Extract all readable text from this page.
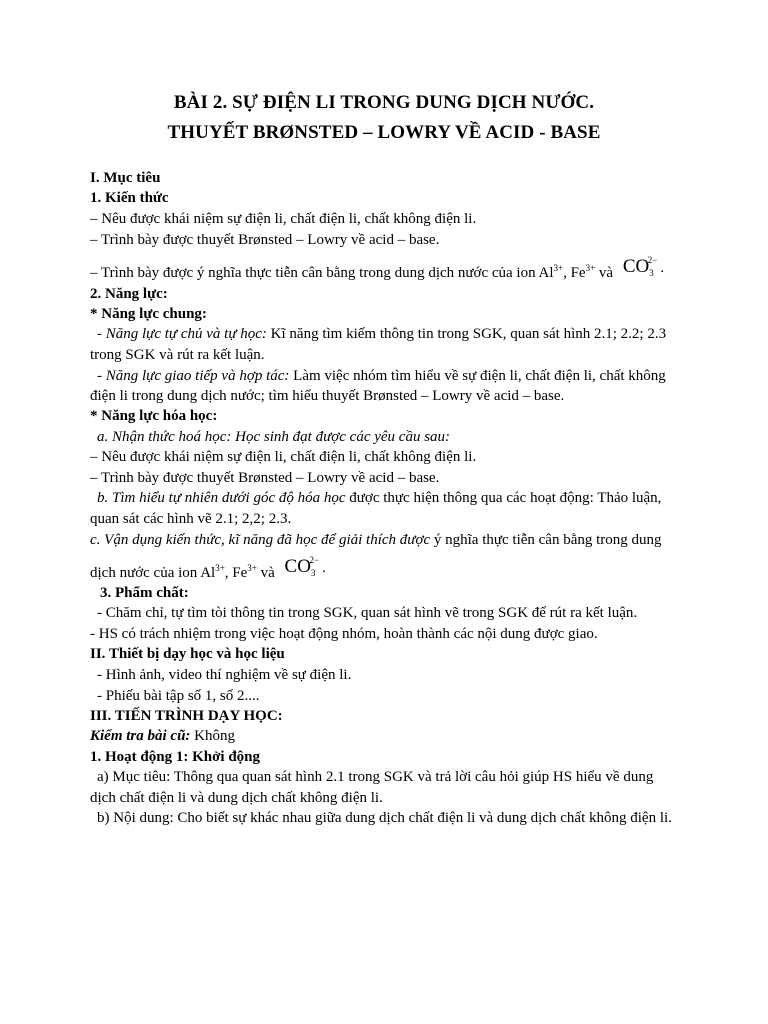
BÀI 2. SỰ ĐIỆN LI TRONG DUNG DỊCH NƯỚC.
THUYẾT BRØNSTED – LOWRY VỀ ACID - BASE
I. Mục tiêu
1. Kiến thức
– Nêu được khái niệm sự điện li, chất điện li, chất không điện li.
– Trình bày được thuyết Brønsted – Lowry về acid – base.
– Trình bày được ý nghĩa thực tiễn cân bằng trong dung dịch nước của ion $Al^{3+}$, $Fe^{3+}$ và $CO_3^{2-}$ .
2. Năng lực:
* Năng lực chung:
- Năng lực tự chủ và tự học: Kĩ năng tìm kiếm thông tin trong SGK, quan sát hình 2.1; 2.2; 2.3
trong SGK và rút ra kết luận.
- Năng lực giao tiếp và hợp tác: Làm việc nhóm tìm hiểu về sự điện li, chất điện li, chất không
điện li trong dung dịch nước; tìm hiểu thuyết Brønsted – Lowry về acid – base.
* Năng lực hóa học:
a. Nhận thức hoá học: Học sinh đạt được các yêu cầu sau:
– Nêu được khái niệm sự điện li, chất điện li, chất không điện li.
– Trình bày được thuyết Brønsted – Lowry về acid – base.
b. Tìm hiểu tự nhiên dưới góc độ hóa học được thực hiện thông qua các hoạt động: Thảo luận,
quan sát các hình vẽ 2.1; 2,2; 2.3.
c. Vận dụng kiến thức, kĩ năng đã học để giải thích được ý nghĩa thực tiễn cân bằng trong dung
dịch nước của ion $Al^{3+}$, $Fe^{3+}$ và $CO_3^{2-}$ .
3. Phẩm chất:
- Chăm chỉ, tự tìm tòi thông tin trong SGK, quan sát hình vẽ trong SGK để rút ra kết luận.
- HS có trách nhiệm trong việc hoạt động nhóm, hoàn thành các nội dung được giao.
II. Thiết bị dạy học và học liệu
- Hình ảnh, video thí nghiệm về sự điện li.
- Phiếu bài tập số 1, số 2....
III. TIẾN TRÌNH DẠY HỌC:
Kiểm tra bài cũ: Không
1. Hoạt động 1: Khởi động
a) Mục tiêu: Thông qua quan sát hình 2.1 trong SGK và trả lời câu hỏi giúp HS hiểu về dung
dịch chất điện li và dung dịch chất không điện li.
b) Nội dung: Cho biết sự khác nhau giữa dung dịch chất điện li và dung dịch chất không điện li.
